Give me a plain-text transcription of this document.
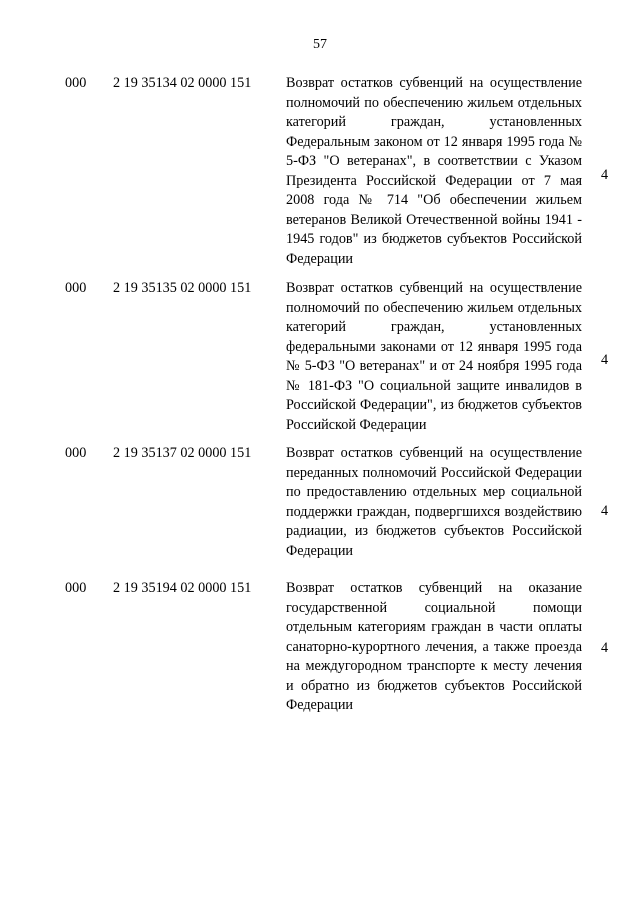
57
000 2 19 35134 02 0000 151 Возврат остатков субвенций на осуществление полномочий по обеспечению жильем отдельных категорий граждан, установленных Федеральным законом от 12 января 1995 года № 5-ФЗ "О ветеранах", в соответствии с Указом Президента Российской Федерации от 7 мая 2008 года № 714 "Об обеспечении жильем ветеранов Великой Отечественной войны 1941 - 1945 годов" из бюджетов субъектов Российской Федерации
4
000 2 19 35135 02 0000 151 Возврат остатков субвенций на осуществление полномочий по обеспечению жильем отдельных категорий граждан, установленных федеральными законами от 12 января 1995 года № 5-ФЗ "О ветеранах" и от 24 ноября 1995 года № 181-ФЗ "О социальной защите инвалидов в Российской Федерации", из бюджетов субъектов Российской Федерации
4
000 2 19 35137 02 0000 151 Возврат остатков субвенций на осуществление переданных полномочий Российской Федерации по предоставлению отдельных мер социальной поддержки граждан, подвергшихся воздействию радиации, из бюджетов субъектов Российской Федерации
4
000 2 19 35194 02 0000 151 Возврат остатков субвенций на оказание государственной социальной помощи отдельным категориям граждан в части оплаты санаторно-курортного лечения, а также проезда на междугородном транспорте к месту лечения и обратно из бюджетов субъектов Российской Федерации
4
